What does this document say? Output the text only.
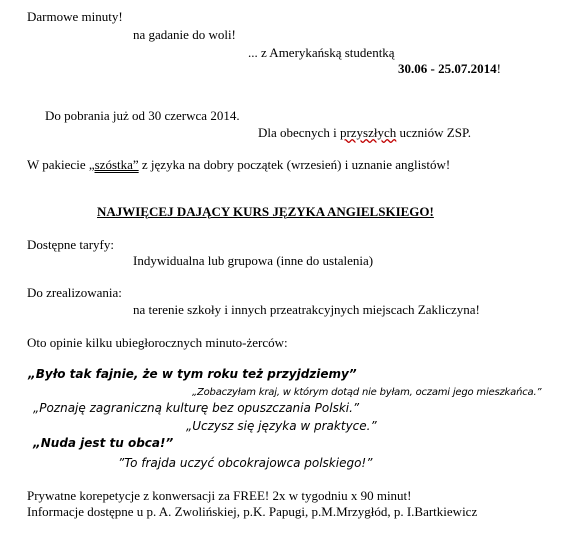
Darmowe minuty!
na gadanie do woli!
... z Amerykańską studentką
30.06 - 25.07.2014!
Do pobrania już od 30 czerwca 2014.
Dla obecnych i przyszłych uczniów ZSP.
W pakiecie „szóstka” z języka na dobry początek (wrzesień) i uznanie anglistów!
NAJWIĘCEJ DAJĄCY KURS JĘZYKA ANGIELSKIEGO!
Dostępne taryfy:
Indywidualna lub grupowa (inne do ustalenia)
Do zrealizowania:
na terenie szkoły i innych przeatrakcyjnych miejscach Zakliczyna!
Oto opinie kilku ubiegłorocznych minuto-żerców:
„Było tak fajnie, że w tym roku też przyjdziemy”
„Zobaczyłam kraj, w którym dotąd nie byłam, oczami jego mieszkańca.”
„Poznaję zagraniczną kulturę bez opuszczania Polski.”
„Uczysz się języka w praktyce.”
„Nuda jest tu obca!”
”To frajda uczyć obcokrajowca polskiego!”
Prywatne korepetycje z konwersacji za FREE! 2x w tygodniu x 90 minut!
Informacje dostępne u p. A. Zwolińskiej, p.K. Papugi, p.M.Mrzygłód, p. I.Bartkiewicz
